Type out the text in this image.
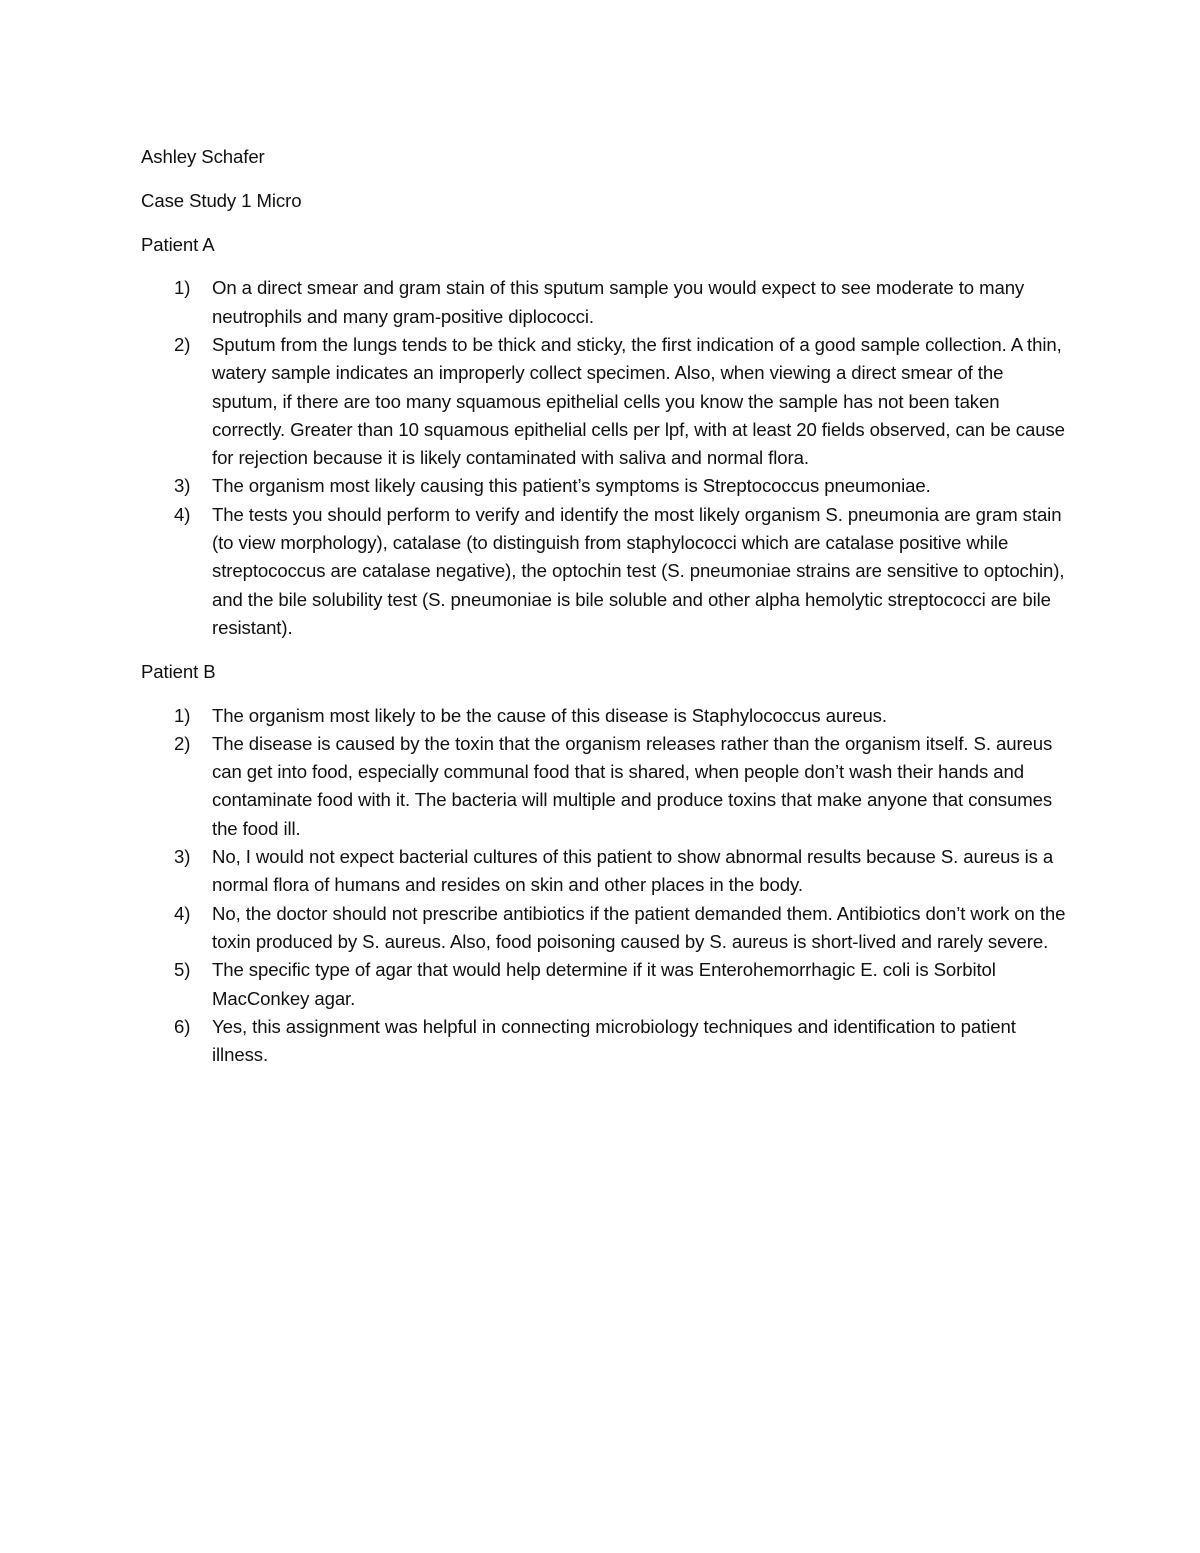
Ashley Schafer

Case Study 1 Micro

Patient A

1) On a direct smear and gram stain of this sputum sample you would expect to see moderate to many neutrophils and many gram-positive diplococci.
2) Sputum from the lungs tends to be thick and sticky, the first indication of a good sample collection. A thin, watery sample indicates an improperly collect specimen. Also, when viewing a direct smear of the sputum, if there are too many squamous epithelial cells you know the sample has not been taken correctly. Greater than 10 squamous epithelial cells per lpf, with at least 20 fields observed, can be cause for rejection because it is likely contaminated with saliva and normal flora.
3) The organism most likely causing this patient’s symptoms is Streptococcus pneumoniae.
4) The tests you should perform to verify and identify the most likely organism S. pneumonia are gram stain (to view morphology), catalase (to distinguish from staphylococci which are catalase positive while streptococcus are catalase negative), the optochin test (S. pneumoniae strains are sensitive to optochin), and the bile solubility test (S. pneumoniae is bile soluble and other alpha hemolytic streptococci are bile resistant).

Patient B

1) The organism most likely to be the cause of this disease is Staphylococcus aureus.
2) The disease is caused by the toxin that the organism releases rather than the organism itself. S. aureus can get into food, especially communal food that is shared, when people don’t wash their hands and contaminate food with it. The bacteria will multiple and produce toxins that make anyone that consumes the food ill.
3) No, I would not expect bacterial cultures of this patient to show abnormal results because S. aureus is a normal flora of humans and resides on skin and other places in the body.
4) No, the doctor should not prescribe antibiotics if the patient demanded them. Antibiotics don’t work on the toxin produced by S. aureus. Also, food poisoning caused by S. aureus is short-lived and rarely severe.
5) The specific type of agar that would help determine if it was Enterohemorrhagic E. coli is Sorbitol MacConkey agar.
6) Yes, this assignment was helpful in connecting microbiology techniques and identification to patient illness.
